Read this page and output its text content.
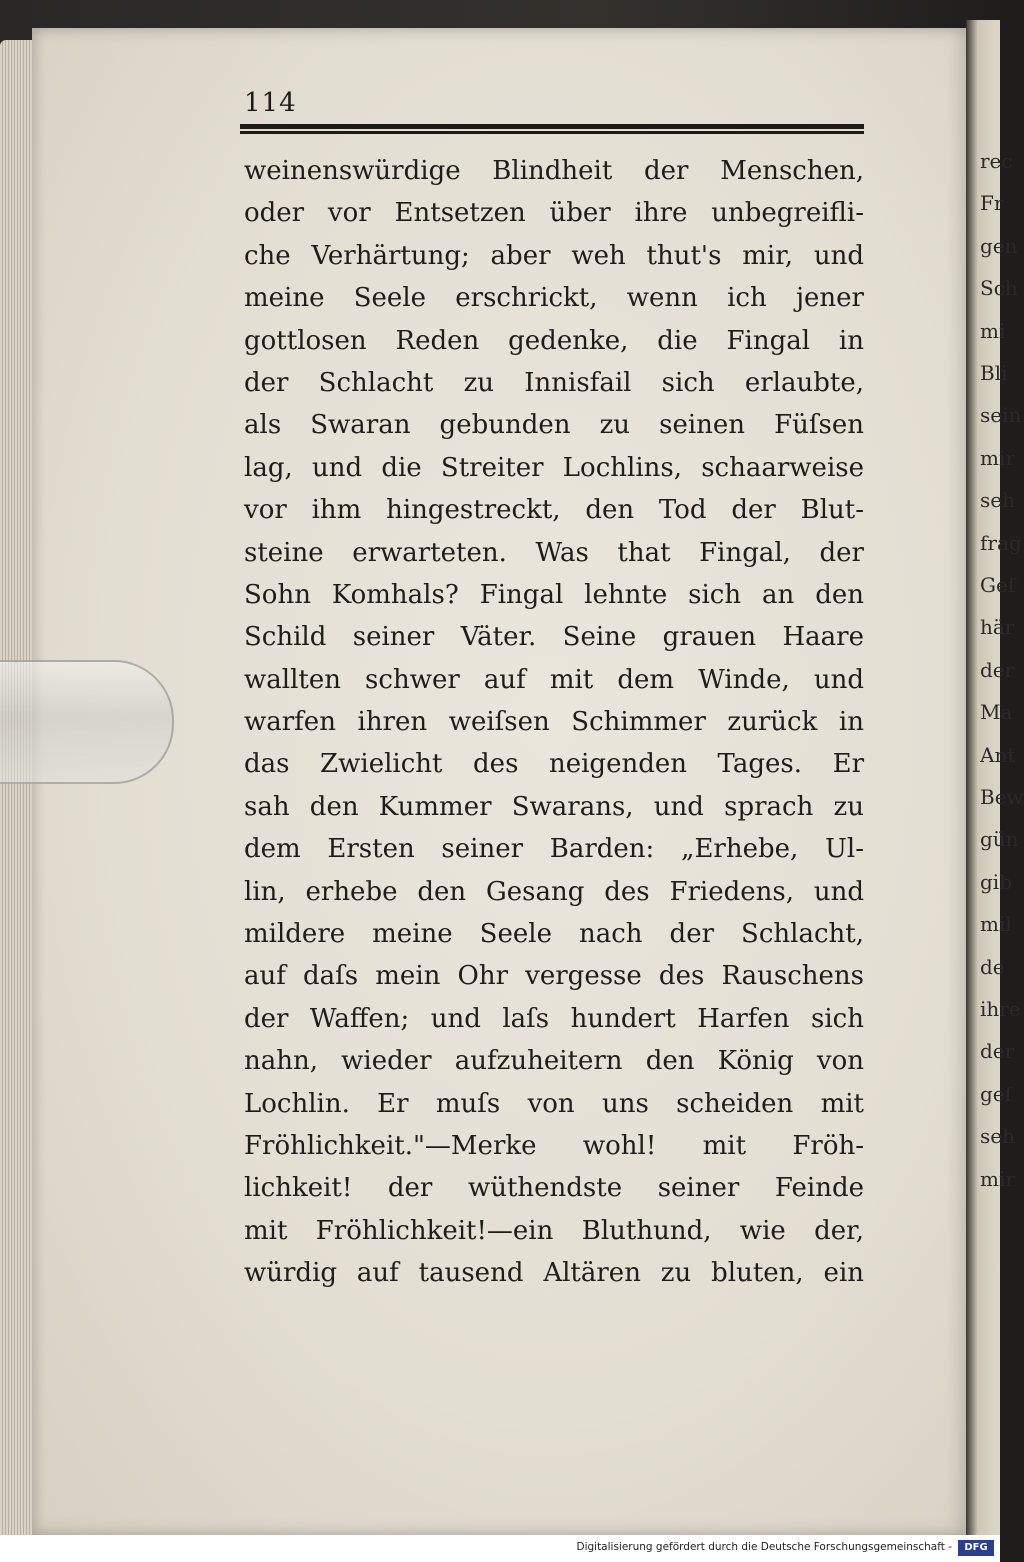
114
weinenswürdige Blindheit der Menschen,
oder vor Entsetzen über ihre unbegreifli-
che Verhärtung; aber weh thut's mir, und
meine Seele erschrickt, wenn ich jener
gottlosen Reden gedenke, die Fingal in
der Schlacht zu Innisfail sich erlaubte,
als Swaran gebunden zu seinen Füſsen
lag, und die Streiter Lochlins, schaarweise
vor ihm hingestreckt, den Tod der Blut-
steine erwarteten. Was that Fingal, der
Sohn Komhals? Fingal lehnte sich an den
Schild seiner Väter. Seine grauen Haare
wallten schwer auf mit dem Winde, und
warfen ihren weiſsen Schimmer zurück in
das Zwielicht des neigenden Tages. Er
sah den Kummer Swarans, und sprach zu
dem Ersten seiner Barden: „Erhebe, Ul-
lin, erhebe den Gesang des Friedens, und
mildere meine Seele nach der Schlacht,
auf daſs mein Ohr vergesse des Rauschens
der Waffen; und laſs hundert Harfen sich
nahn, wieder aufzuheitern den König von
Lochlin. Er muſs von uns scheiden mit
Fröhlichkeit."—Merke wohl! mit Fröh-
lichkeit! der wüthendste seiner Feinde
mit Fröhlichkeit!—ein Bluthund, wie der,
würdig auf tausend Altären zu bluten, ein
rec
Fr
gen
Sch
mi
Bli
sein
mir
seh
frag
Geſ
här
der
Ma
Ant
Bew
gün
gib
mil
de
ihre
der
geſ
seh
mir
Digitalisierung gefördert durch die Deutsche Forschungsgemeinschaft -	DFG
